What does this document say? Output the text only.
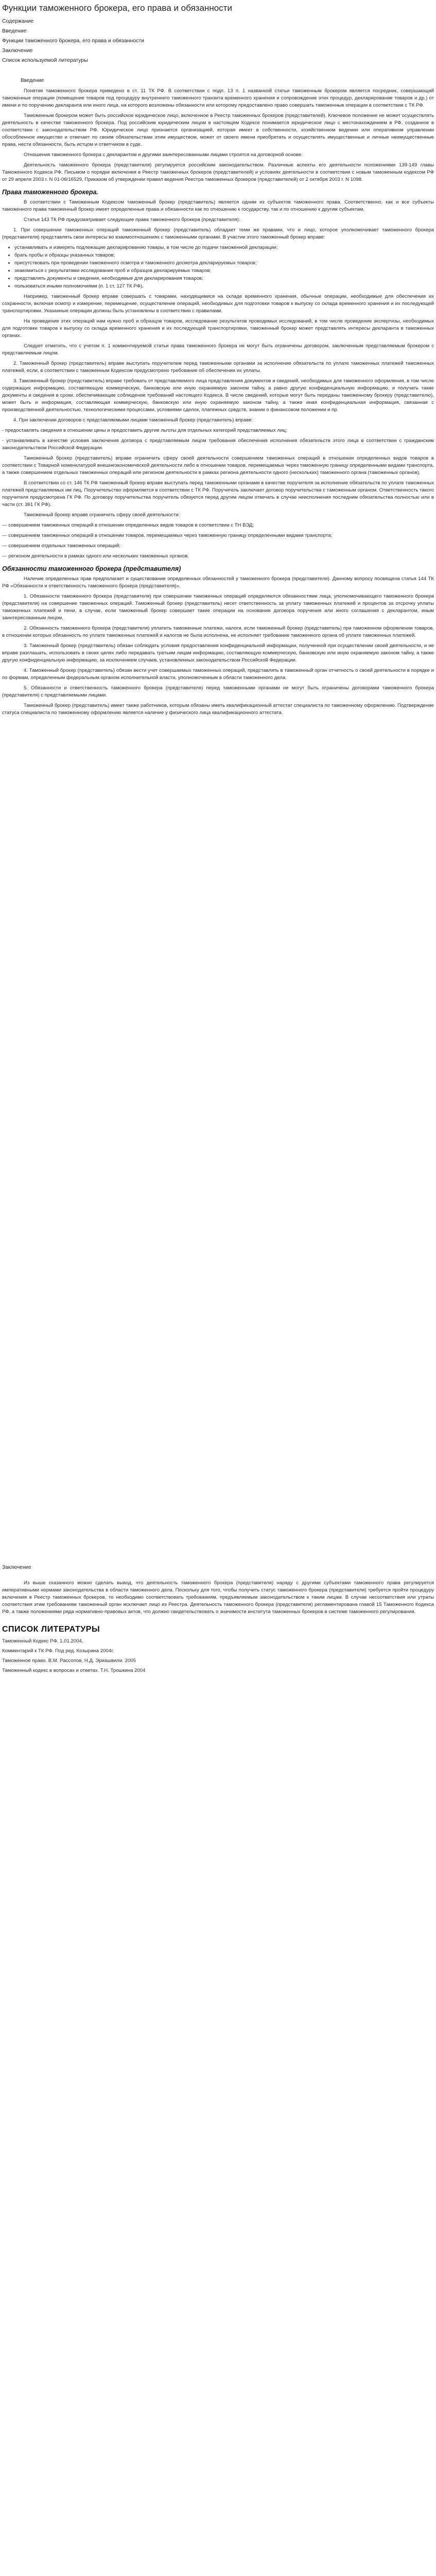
Функции таможенного брокера, его права и обязанности
Содержание
Введение
Функции таможенного брокера, его права и обязанности
Заключение
Список используемой литературы
Введение

Понятие таможенного брокера приведено в ст. 11 ТК РФ. В соответствии с подп. 13 п. 1 названной статьи таможенным брокером является посредник, совершающий таможенные операции (помещение товаров под процедуру внутреннего таможенного транзита временного хранения и сопровождение этих процедур, декларирование товаров и др.) от имени и по поручению декларанта или иного лица, на которого возложены обязанности или которому предоставлено право совершать таможенные операции в соответствии с ТК РФ.

Таможенным брокером может быть российское юридическое лицо, включенное в Реестр таможенных брокеров (представителей). Ключевое положение не может осуществлять деятельность в качестве таможенного брокера. Под российским юридическим лицом в настоящем Кодексе понимается юридическое лицо с местонахождением в РФ, созданное в соответствии с законодательством РФ. Юридическое лицо признается организацией, которая имеет в собственности, хозяйственном ведении или оперативном управлении обособленное имущество и отвечает по своим обязательствам этим имуществом, может от своего имени приобретать и осуществлять имущественные и личные неимущественные права, нести обязанности, быть истцом и ответчиком в суде.

Отношения таможенного брокера с декларантом и другими заинтересованными лицами строятся на договорной основе.

Деятельность таможенного брокера (представителя) регулируется российским законодательством. Различные аспекты его деятельности положениями 139-149 главы Таможенного Кодекса РФ, Письмом о порядке включения в Реестр таможенных брокеров (представителей) и условиях деятельности в соответствии с новым таможенным кодексом РФ от 29 апреля 2003 г. N 01-06/16529, Приказом об утверждении правил ведения Реестра таможенных брокеров (представителей) от 2 октября 2003 г. N 1098.

Права таможенного брокера.

В соответствии с Таможенным Кодексом таможенный брокер (представитель) является одним из субъектов таможенного права. Соответственно, как и все субъекты таможенного права таможенный брокер имеет определенные права и обязанности как по отношению к государству, так и по отношению к другим субъектам.

Статья 143 ТК РФ предусматривает следующие права таможенного брокера (представителя):

1. При совершении таможенных операций таможенный брокер (представитель) обладает теми же правами, что и лицо, которое уполномочивает таможенного брокера (представителя) представлять свои интересы во взаимоотношениях с таможенными органами. В участии этого таможенный брокер вправе:

• устанавливать и измерять подлежащие декларированию товары, в том числе до подачи таможенной декларации;
• брать пробы и образцы указанных товаров;
• присутствовать при проведении таможенного осмотра и таможенного досмотра декларируемых товаров;
• знакомиться с результатами исследования проб и образцов декларируемых товаров;
• представлять документы и сведения, необходимые для декларирования товаров;
• пользоваться иными полномочиями (п. 1 ст. 127 ТК РФ).

Например, таможенный брокер вправе совершать с товарами, находящимися на складе временного хранения, обычные операции, необходимые для обеспечения их сохранности, включая осмотр и измерение, перемещение, осуществление операций, необходимых для подготовки товаров к выпуску со склада временного хранения и их последующей транспортировки. Указанные операции должны быть установлены в соответствии с правилами.

На проведение этих операций нам нужно проб и образцов товаров, исследование результатов проводимых исследований, в том числе проведение экспертизы, необходимых для подготовки товаров к выпуску со склада временного хранения и их последующей транспортировки, таможенный брокер может представлять интересы декларанта в таможенных органах.

Следует отметить, что с учетом п. 1 комментируемой статьи права таможенного брокера не могут быть ограничены договором, заключенным представляемым брокером с представляемым лицом.

2. Таможенный брокер (представитель) вправе выступать поручителем перед таможенными органами за исполнение обязательств по уплате таможенных платежей таможенных платежей, если, в соответствии с таможенным Кодексом предусмотрено требование об обеспечении их уплаты.

3. Таможенный брокер (представитель) вправе требовать от представляемого лица представления документов и сведений, необходимых для таможенного оформления, в том числе содержащих информацию, составляющую коммерческую, банковскую или иную охраняемую законом тайну, а равно другую конфиденциальную информацию, и получать такие документы и сведения в сроки, обеспечивающие соблюдение требований настоящего Кодекса. В числе сведений, которые могут быть переданы таможенному брокеру (представителю), может быть и информация, составляющая коммерческую, банковскую или иную охраняемую законом тайну, а также иная конфиденциальная информация, связанная с производственной деятельностью, технологическими процессами, условиями сделок, платежных средств, знании о финансовом положении и пр.

4. При заключении договоров с представляемыми лицами таможенный брокер (представитель) вправе:

- предоставлять сведения в отношении цены и предоставить другие льготы для отдельных категорий представляемых лиц;

- устанавливать в качестве условия заключения договора с представляемым лицом требования обеспечения исполнения обязательств этого лица в соответствии с гражданским законодательством Российской Федерации.

Таможенный брокер (представитель) вправе ограничить сферу своей деятельности совершением таможенных операций в отношении определенных видов товаров в соответствии с Товарной номенклатурой внешнеэкономической деятельности либо в отношении товаров, перемещаемых через таможенную границу определенными видами транспорта, а также совершением отдельных таможенных операций или регионом деятельности в рамках региона деятельности одного (нескольких) таможенного органа (таможенных органов).

В соответствии со ст. 146 ТК РФ таможенный брокер вправе выступать перед таможенными органами в качестве поручителя за исполнение обязательств по уплате таможенных платежей представляемых им лиц. Поручительство оформляется в соответствии с ТК РФ. Поручитель заключает договор поручительства с таможенным органом. Ответственность такого поручителя предусмотрена ГК РФ. По договору поручительства поручитель обязуется перед другим лицом отвечать в случае неисполнения последним обязательства полностью или в части (ст. 361 ГК РФ).

Таможенный брокер вправе ограничить сферу своей деятельности:

— совершением таможенных операций в отношении определенных видов товаров в соответствии с ТН ВЭД;

— совершением таможенных операций в отношении товаров, перемещаемых через таможенную границу определенными видами транспорта;

— совершением отдельных таможенных операций;

— регионом деятельности в рамках одного или нескольких таможенных органов.

Обязанности таможенного брокера (представителя)

Наличие определенных прав предполагает и существование определенных обязанностей у таможенного брокера (представителя). Данному вопросу посвящена статья 144 ТК РФ «Обязанности и ответственность таможенного брокера (представителя)».

1. Обязанности таможенного брокера (представителя) при совершении таможенных операций определяются обязанностями лица, уполномочивающего таможенного брокера (представителя) на совершение таможенных операций. Таможенный брокер (представитель) несет ответственность за уплату таможенных платежей и процентов за отсрочку уплаты таможенных платежей и пени, в случае, если таможенный брокер совершает такие операции на основании договора поручения или иного соглашения с декларантом, иным заинтересованным лицом.

2. Обязанность таможенного брокера (представителя) уплатить таможенные платежи, налоги, если таможенный брокер (представитель) при таможенном оформлении товаров, в отношении которых обязанность по уплате таможенных платежей и налогов не была исполнена, не исполняет требование таможенного органа об уплате таможенных платежей.

3. Таможенный брокер (представитель) обязан соблюдать условия предоставления конфиденциальной информации, полученной при осуществлении своей деятельности, и не вправе разглашать, использовать в своих целях либо передавать третьим лицам информацию, составляющую коммерческую, банковскую или иную охраняемую законом тайну, а также другую конфиденциальную информацию, за исключением случаев, установленных законодательством Российской Федерации.

4. Таможенный брокер (представитель) обязан вести учет совершаемых таможенных операций, представлять в таможенный орган отчетность о своей деятельности в порядке и по формам, определенным федеральным органом исполнительной власти, уполномоченным в области таможенного дела.

5. Обязанности и ответственность таможенного брокера (представителя) перед таможенными органами не могут быть ограничены договорами таможенного брокера (представителя) с представляемыми лицами.

Таможенный брокер (представитель) имеет также работников, которым обязаны иметь квалификационный аттестат специалиста по таможенному оформлению. Подтверждение статуса специалиста по таможенному оформлению является наличие у физического лица квалификационного аттестата.

Заключение

Из выше сказанного можно сделать вывод, что деятельность таможенного брокера (представителя) наряду с другими субъектами таможенного права регулируется императивными нормами законодательства в области таможенного дела. Поскольку для того, чтобы получить статус таможенного брокера (представителя) требуется пройти процедуру включения в Реестр таможенных брокеров, то необходимо соответствовать требованиям, предъявляемым законодательством к таким лицам. В случае несоответствия или утраты соответствия этим требованиям таможенный орган исключает лицо из Реестра. Деятельность таможенного брокера (представителя) регламентирована главой 15 Таможенного Кодекса РФ, а также положениями ряда нормативно-правовых актов, что должно свидетельствовать о значимости института таможенных брокеров в системе таможенного регулирования.

СПИСОК ЛИТЕРАТУРЫ
Таможенный Кодекс РФ. 1.01.2004.
Комментарий к ТК РФ. Под ред. Козырина 2004г.
Таможенное право. В.М. Рассолов, Н.Д. Эриашвили. 2005
Таможенный кодекс в вопросах и ответах. Т.Н. Трошкина 2004
